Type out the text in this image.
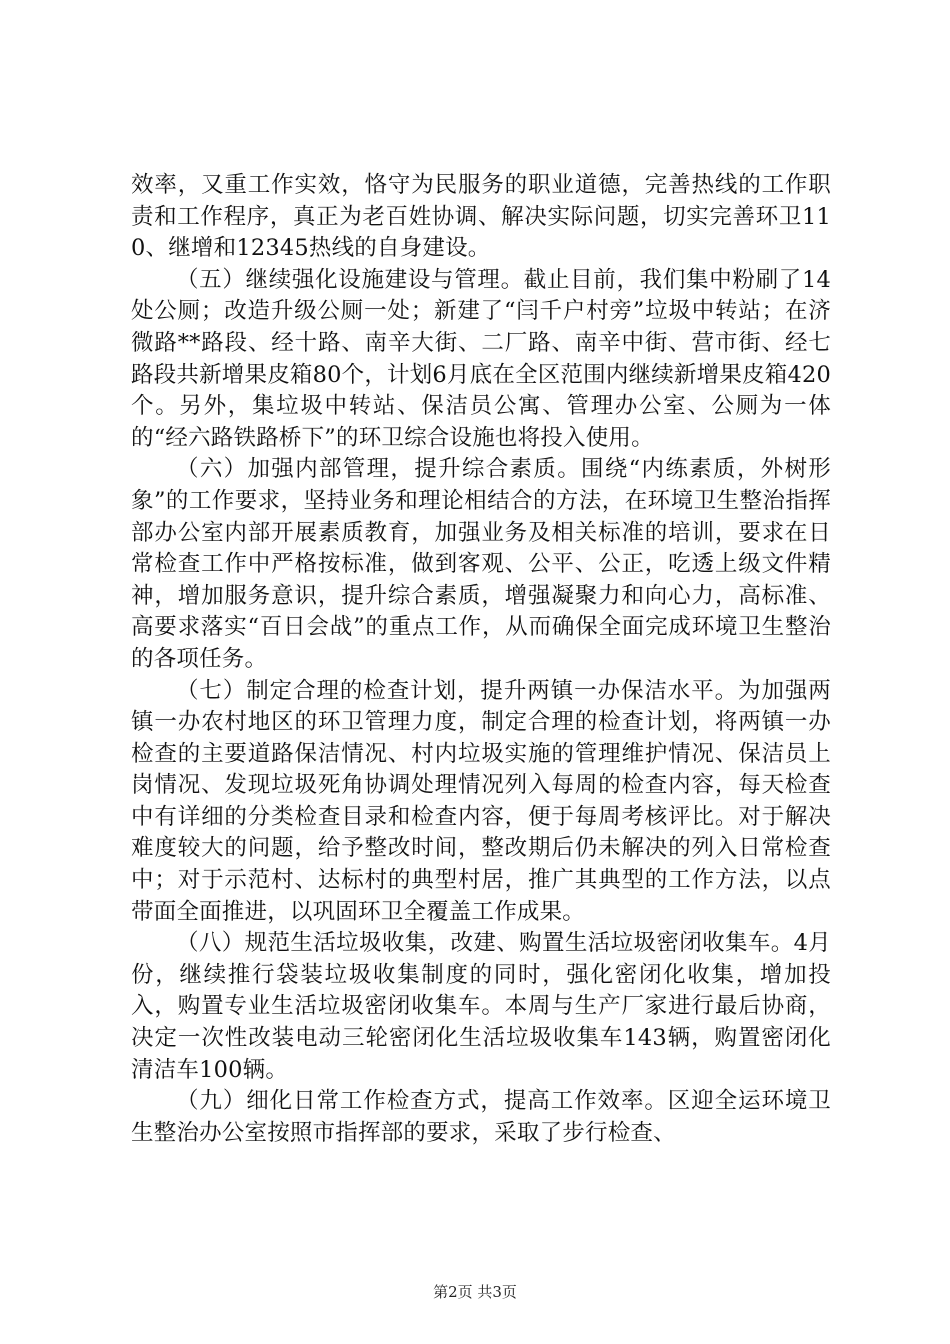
效率，又重工作实效，恪守为民服务的职业道德，完善热线的工作职责和工作程序，真正为老百姓协调、解决实际问题，切实完善环卫110、继增和12345热线的自身建设。

（五）继续强化设施建设与管理。截止目前，我们集中粉刷了14处公厕；改造升级公厕一处；新建了“闫千户村旁”垃圾中转站；在济微路**路段、经十路、南辛大街、二厂路、南辛中街、营市街、经七路段共新增果皮箱80个，计划6月底在全区范围内继续新增果皮箱420个。另外，集垃圾中转站、保洁员公寓、管理办公室、公厕为一体的“经六路铁路桥下”的环卫综合设施也将投入使用。

（六）加强内部管理，提升综合素质。围绕“内练素质，外树形象”的工作要求，坚持业务和理论相结合的方法，在环境卫生整治指挥部办公室内部开展素质教育，加强业务及相关标准的培训，要求在日常检查工作中严格按标准，做到客观、公平、公正，吃透上级文件精神，增加服务意识，提升综合素质，增强凝聚力和向心力，高标准、高要求落实“百日会战”的重点工作，从而确保全面完成环境卫生整治的各项任务。

（七）制定合理的检查计划，提升两镇一办保洁水平。为加强两镇一办农村地区的环卫管理力度，制定合理的检查计划，将两镇一办检查的主要道路保洁情况、村内垃圾实施的管理维护情况、保洁员上岗情况、发现垃圾死角协调处理情况列入每周的检查内容，每天检查中有详细的分类检查目录和检查内容，便于每周考核评比。对于解决难度较大的问题，给予整改时间，整改期后仍未解决的列入日常检查中；对于示范村、达标村的典型村居，推广其典型的工作方法，以点带面全面推进，以巩固环卫全覆盖工作成果。

（八）规范生活垃圾收集，改建、购置生活垃圾密闭收集车。4月份，继续推行袋装垃圾收集制度的同时，强化密闭化收集，增加投入，购置专业生活垃圾密闭收集车。本周与生产厂家进行最后协商，决定一次性改装电动三轮密闭化生活垃圾收集车143辆，购置密闭化清洁车100辆。

（九）细化日常工作检查方式，提高工作效率。区迎全运环境卫生整治办公室按照市指挥部的要求，采取了步行检查、

第2页 共3页
